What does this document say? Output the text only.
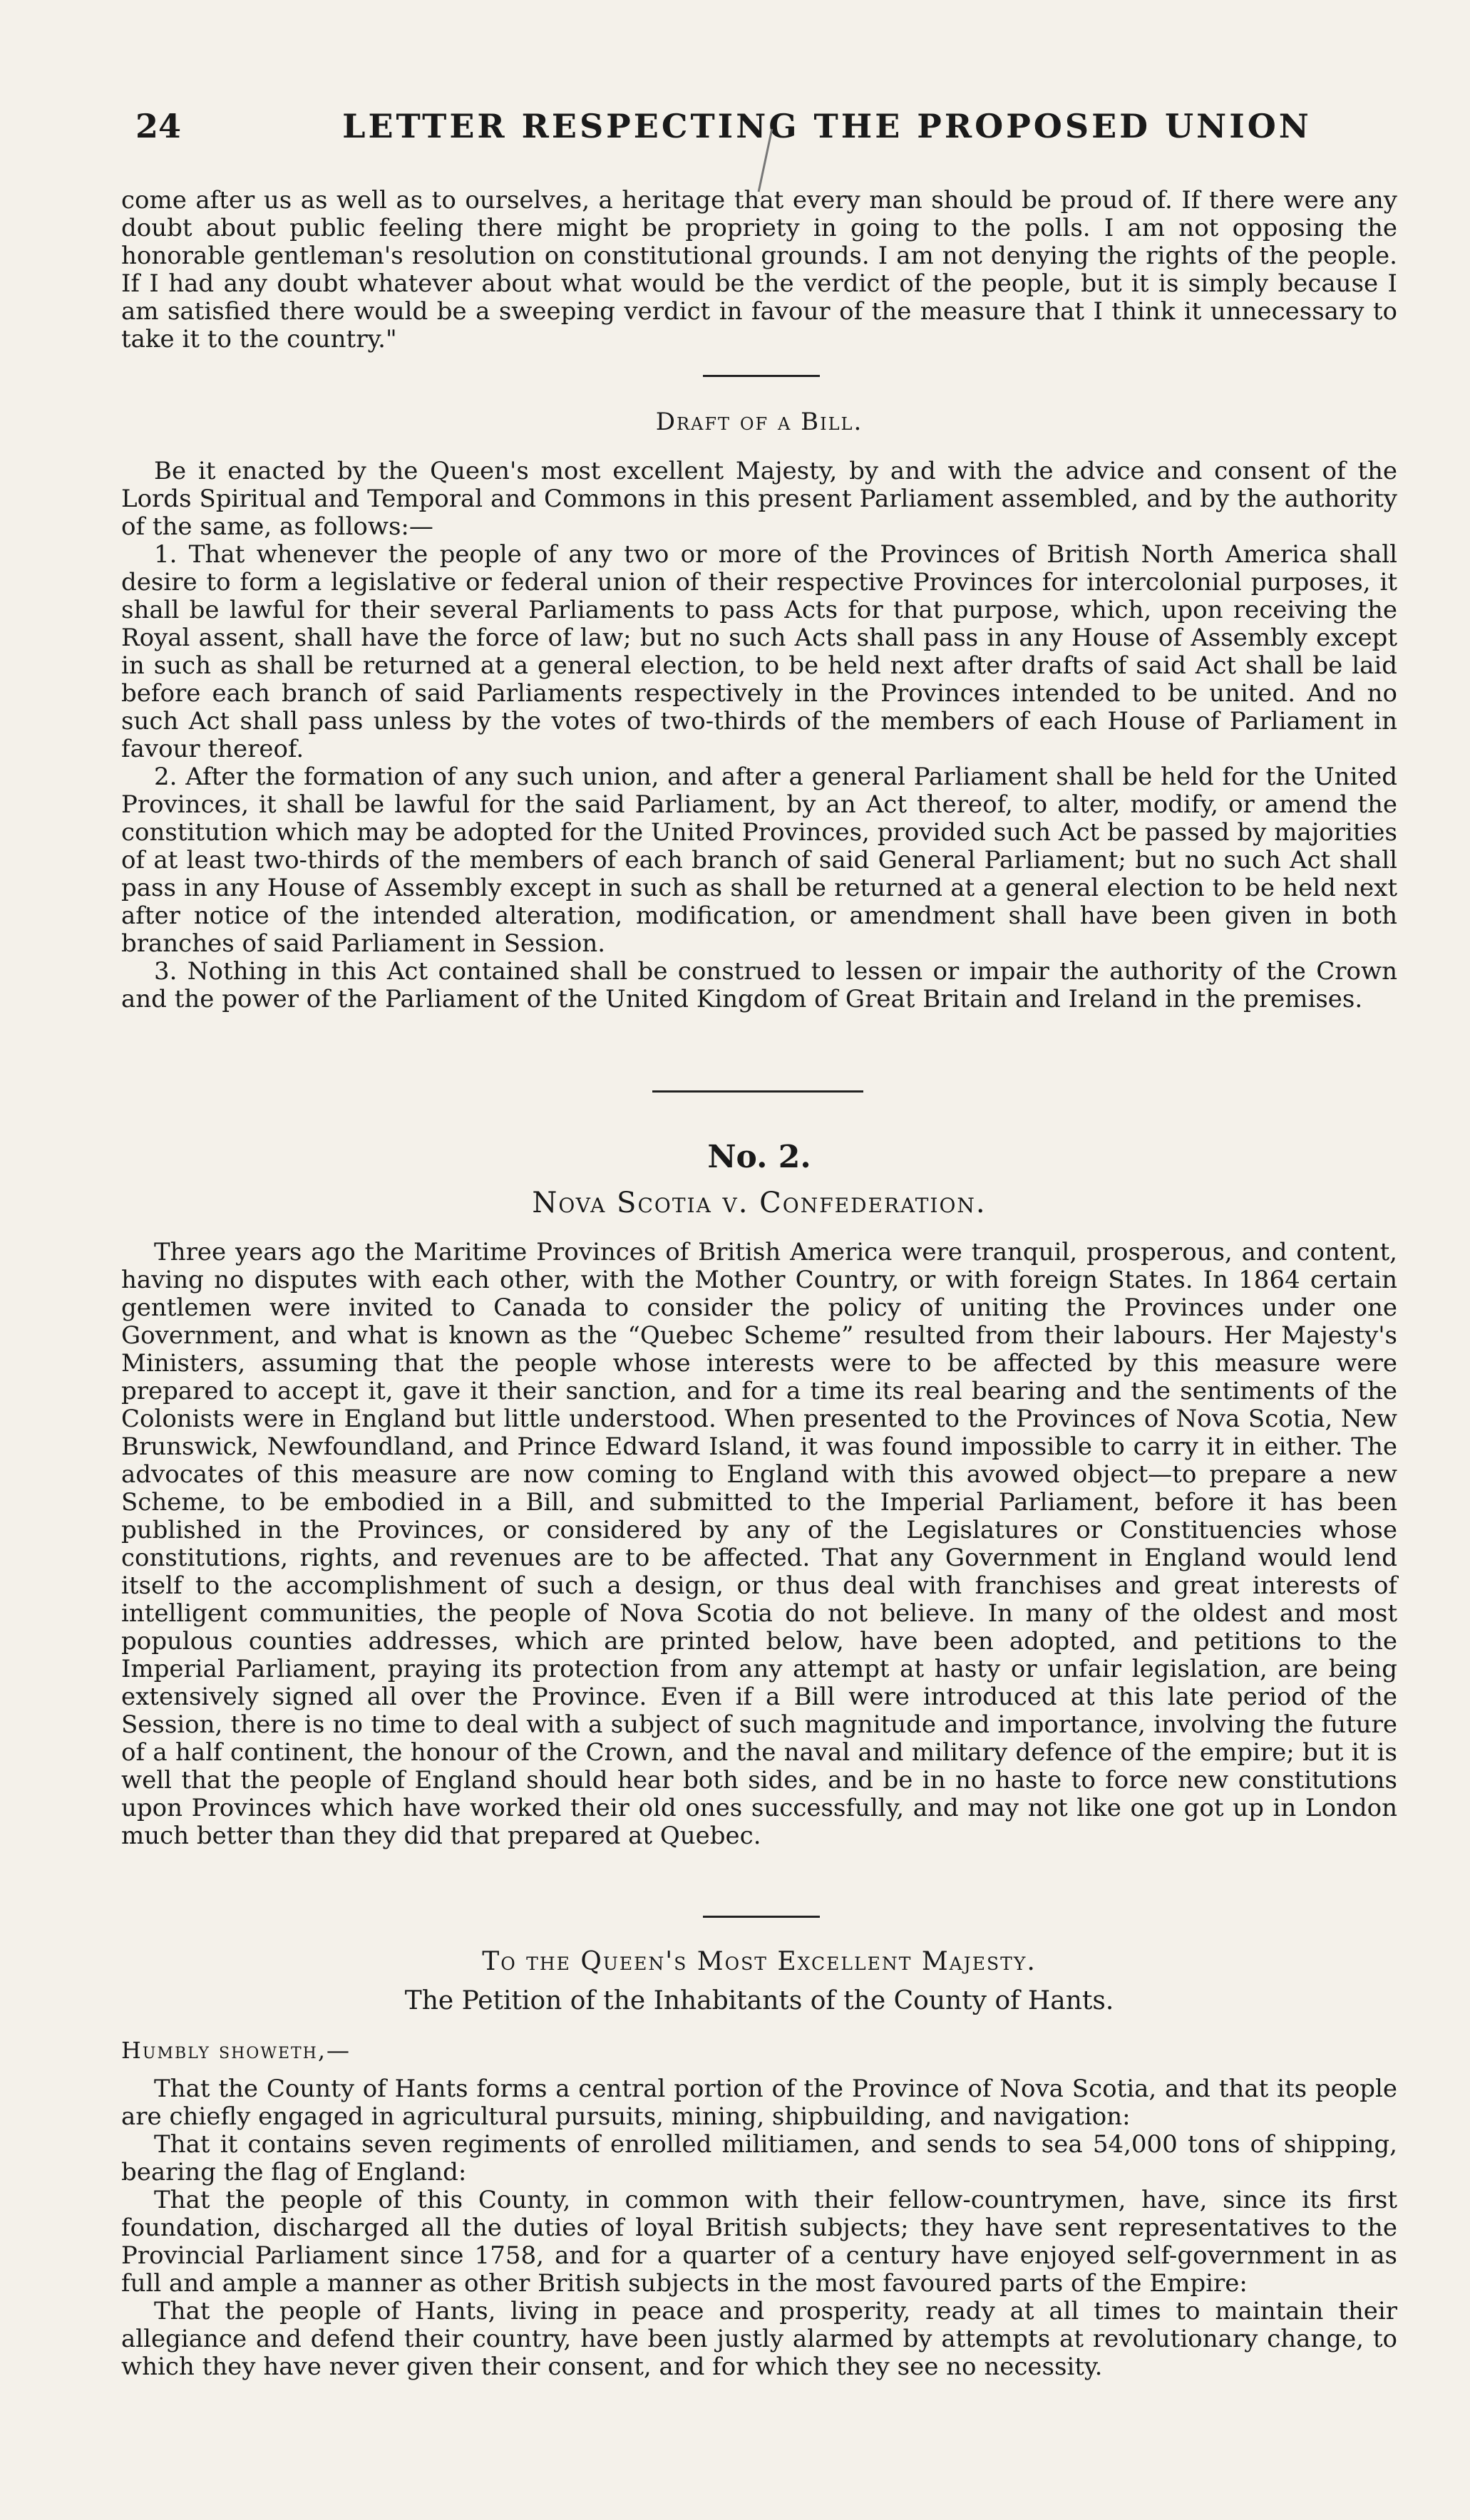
24	LETTER RESPECTING THE PROPOSED UNION

come after us as well as to ourselves, a heritage that every man should be proud of. If there were any doubt about public feeling there might be propriety in going to the polls. I am not opposing the honorable gentleman's resolution on constitutional grounds. I am not denying the rights of the people. If I had any doubt whatever about what would be the verdict of the people, but it is simply because I am satisfied there would be a sweeping verdict in favour of the measure that I think it unnecessary to take it to the country."

Draft of a Bill.

Be it enacted by the Queen's most excellent Majesty, by and with the advice and consent of the Lords Spiritual and Temporal and Commons in this present Parliament assembled, and by the authority of the same, as follows:—

1. That whenever the people of any two or more of the Provinces of British North America shall desire to form a legislative or federal union of their respective Provinces for intercolonial purposes, it shall be lawful for their several Parliaments to pass Acts for that purpose, which, upon receiving the Royal assent, shall have the force of law; but no such Acts shall pass in any House of Assembly except in such as shall be returned at a general election, to be held next after drafts of said Act shall be laid before each branch of said Parliaments respectively in the Provinces intended to be united. And no such Act shall pass unless by the votes of two-thirds of the members of each House of Parliament in favour thereof.

2. After the formation of any such union, and after a general Parliament shall be held for the United Provinces, it shall be lawful for the said Parliament, by an Act thereof, to alter, modify, or amend the constitution which may be adopted for the United Provinces, provided such Act be passed by majorities of at least two-thirds of the members of each branch of said General Parliament; but no such Act shall pass in any House of Assembly except in such as shall be returned at a general election to be held next after notice of the intended alteration, modification, or amendment shall have been given in both branches of said Parliament in Session.

3. Nothing in this Act contained shall be construed to lessen or impair the authority of the Crown and the power of the Parliament of the United Kingdom of Great Britain and Ireland in the premises.

No. 2.
Nova Scotia v. Confederation.

Three years ago the Maritime Provinces of British America were tranquil, prosperous, and content, having no disputes with each other, with the Mother Country, or with foreign States. In 1864 certain gentlemen were invited to Canada to consider the policy of uniting the Provinces under one Government, and what is known as the “Quebec Scheme” resulted from their labours. Her Majesty's Ministers, assuming that the people whose interests were to be affected by this measure were prepared to accept it, gave it their sanction, and for a time its real bearing and the sentiments of the Colonists were in England but little understood. When presented to the Provinces of Nova Scotia, New Brunswick, Newfoundland, and Prince Edward Island, it was found impossible to carry it in either. The advocates of this measure are now coming to England with this avowed object—to prepare a new Scheme, to be embodied in a Bill, and submitted to the Imperial Parliament, before it has been published in the Provinces, or considered by any of the Legislatures or Constituencies whose constitutions, rights, and revenues are to be affected. That any Government in England would lend itself to the accomplishment of such a design, or thus deal with franchises and great interests of intelligent communities, the people of Nova Scotia do not believe. In many of the oldest and most populous counties addresses, which are printed below, have been adopted, and petitions to the Imperial Parliament, praying its protection from any attempt at hasty or unfair legislation, are being extensively signed all over the Province. Even if a Bill were introduced at this late period of the Session, there is no time to deal with a subject of such magnitude and importance, involving the future of a half continent, the honour of the Crown, and the naval and military defence of the empire; but it is well that the people of England should hear both sides, and be in no haste to force new constitutions upon Provinces which have worked their old ones successfully, and may not like one got up in London much better than they did that prepared at Quebec.

To the Queen's Most Excellent Majesty.
The Petition of the Inhabitants of the County of Hants.
Humbly showeth,—

That the County of Hants forms a central portion of the Province of Nova Scotia, and that its people are chiefly engaged in agricultural pursuits, mining, shipbuilding, and navigation:

That it contains seven regiments of enrolled militiamen, and sends to sea 54,000 tons of shipping, bearing the flag of England:

That the people of this County, in common with their fellow-countrymen, have, since its first foundation, discharged all the duties of loyal British subjects; they have sent representatives to the Provincial Parliament since 1758, and for a quarter of a century have enjoyed self-government in as full and ample a manner as other British subjects in the most favoured parts of the Empire:

That the people of Hants, living in peace and prosperity, ready at all times to maintain their allegiance and defend their country, have been justly alarmed by attempts at revolutionary change, to which they have never given their consent, and for which they see no necessity.
